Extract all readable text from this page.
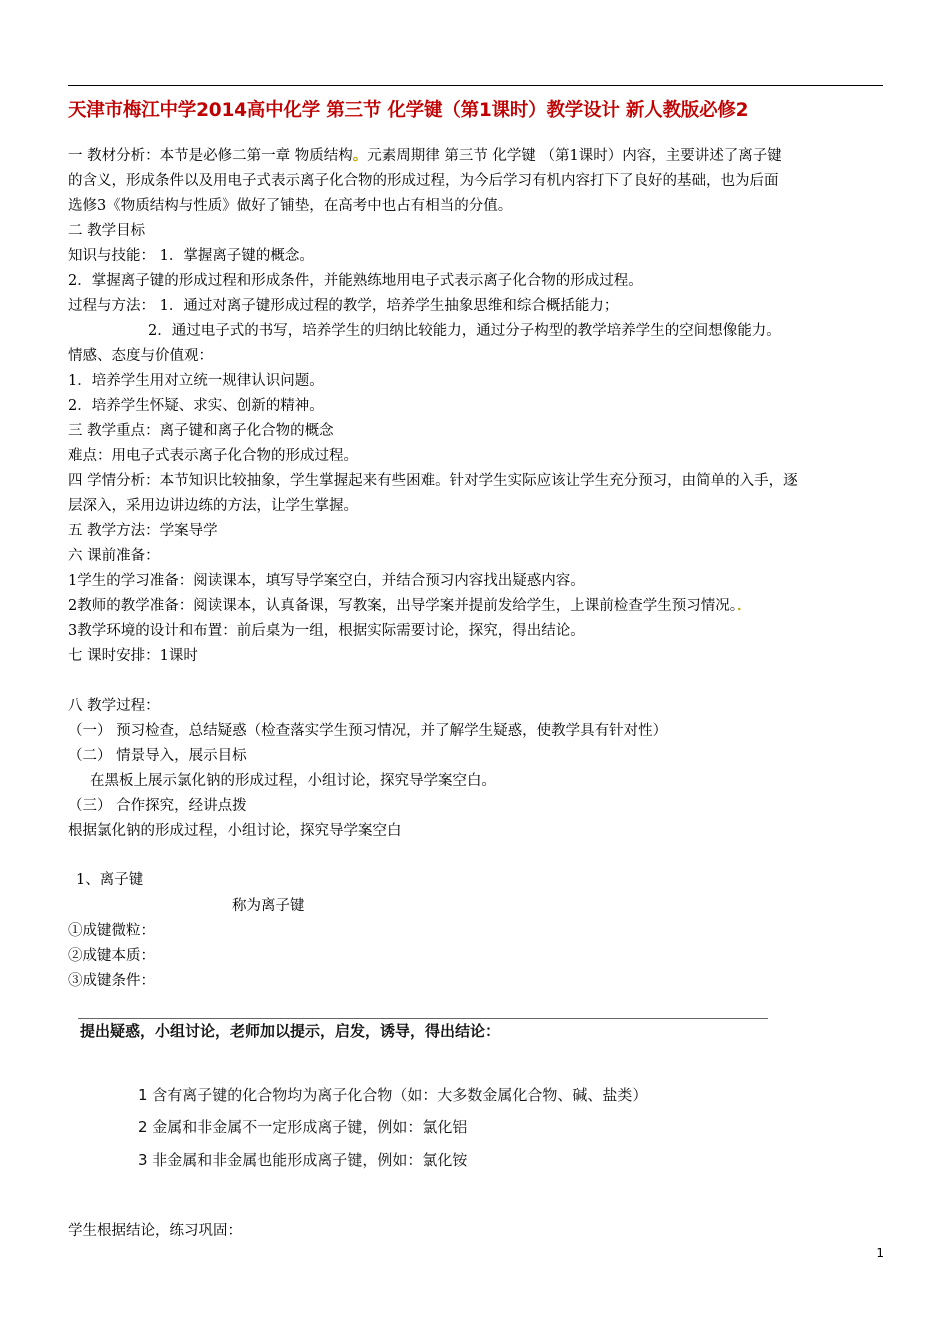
天津市梅江中学2014高中化学 第三节 化学键（第1课时）教学设计 新人教版必修2
一 教材分析：本节是必修二第一章 物质结构。元素周期律 第三节 化学键 （第1课时）内容，主要讲述了离子键
的含义，形成条件以及用电子式表示离子化合物的形成过程，为今后学习有机内容打下了良好的基础，也为后面
选修3《物质结构与性质》做好了铺垫，在高考中也占有相当的分值。
二 教学目标
知识与技能： 1．掌握离子键的概念。
2．掌握离子键的形成过程和形成条件，并能熟练地用电子式表示离子化合物的形成过程。
过程与方法： 1．通过对离子键形成过程的教学，培养学生抽象思维和综合概括能力；
2．通过电子式的书写，培养学生的归纳比较能力，通过分子构型的教学培养学生的空间想像能力。
情感、态度与价值观：
1．培养学生用对立统一规律认识问题。
2．培养学生怀疑、求实、创新的精神。
三 教学重点：离子键和离子化合物的概念
难点：用电子式表示离子化合物的形成过程。
四 学情分析：本节知识比较抽象，学生掌握起来有些困难。针对学生实际应该让学生充分预习，由简单的入手，逐
层深入，采用边讲边练的方法，让学生掌握。
五 教学方法：学案导学
六 课前准备：
1学生的学习准备：阅读课本，填写导学案空白，并结合预习内容找出疑惑内容。
2教师的教学准备：阅读课本，认真备课，写教案，出导学案并提前发给学生，上课前检查学生预习情况。．
3教学环境的设计和布置：前后桌为一组，根据实际需要讨论，探究，得出结论。
七 课时安排：1课时
八 教学过程：
（一） 预习检查，总结疑惑（检查落实学生预习情况，并了解学生疑惑，使教学具有针对性）
（二） 情景导入，展示目标
在黑板上展示氯化钠的形成过程，小组讨论，探究导学案空白。
（三） 合作探究，经讲点拨
根据氯化钠的形成过程，小组讨论，探究导学案空白
1、离子键
称为离子键
①成键微粒：
②成键本质：
③成键条件：
提出疑惑，小组讨论，老师加以提示，启发，诱导，得出结论：
1 含有离子键的化合物均为离子化合物（如：大多数金属化合物、碱、盐类）
2 金属和非金属不一定形成离子键，例如：氯化铝
3 非金属和非金属也能形成离子键，例如：氯化铵
学生根据结论，练习巩固：
1
